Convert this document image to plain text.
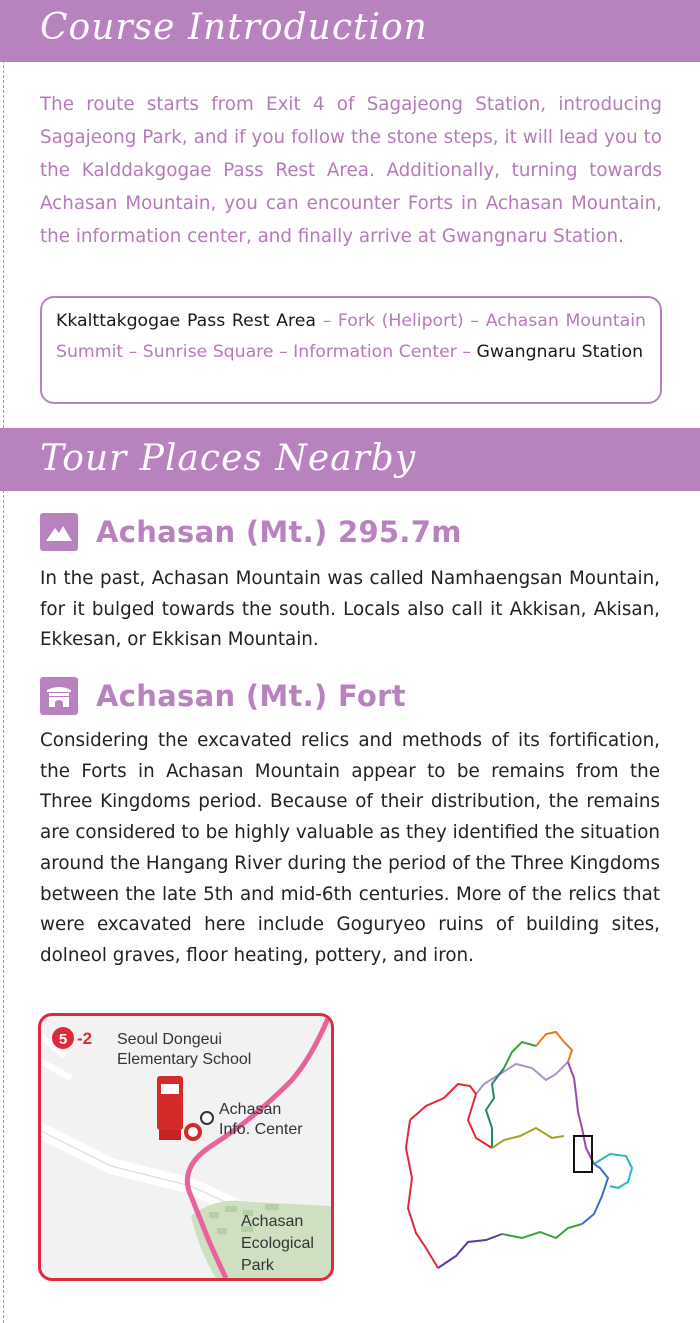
Course Introduction

The route starts from Exit 4 of Sagajeong Station, introducing Sagajeong Park, and if you follow the stone steps, it will lead you to the Kalddakgogae Pass Rest Area. Additionally, turning towards Achasan Mountain, you can encounter Forts in Achasan Mountain, the information center, and finally arrive at Gwangnaru Station.

Kkalttakgogae Pass Rest Area – Fork (Heliport) – Achasan Mountain Summit – Sunrise Square – Information Center – Gwangnaru Station
Tour Places Nearby
Achasan (Mt.) 295.7m

In the past, Achasan Mountain was called Namhaengsan Mountain, for it bulged towards the south. Locals also call it Akkisan, Akisan, Ekkesan, or Ekkisan Mountain.

Achasan (Mt.) Fort

Considering the excavated relics and methods of its fortification, the Forts in Achasan Mountain appear to be remains from the Three Kingdoms period. Because of their distribution, the remains are considered to be highly valuable as they identified the situation around the Hangang River during the period of the Three Kingdoms between the late 5th and mid-6th centuries. More of the relics that were excavated here include Goguryeo ruins of building sites, dolneol graves, floor heating, pottery, and iron.

5 -2 Seoul Dongeui
Elementary School
Achasan
Info. Center
Achasan
Ecological
Park
